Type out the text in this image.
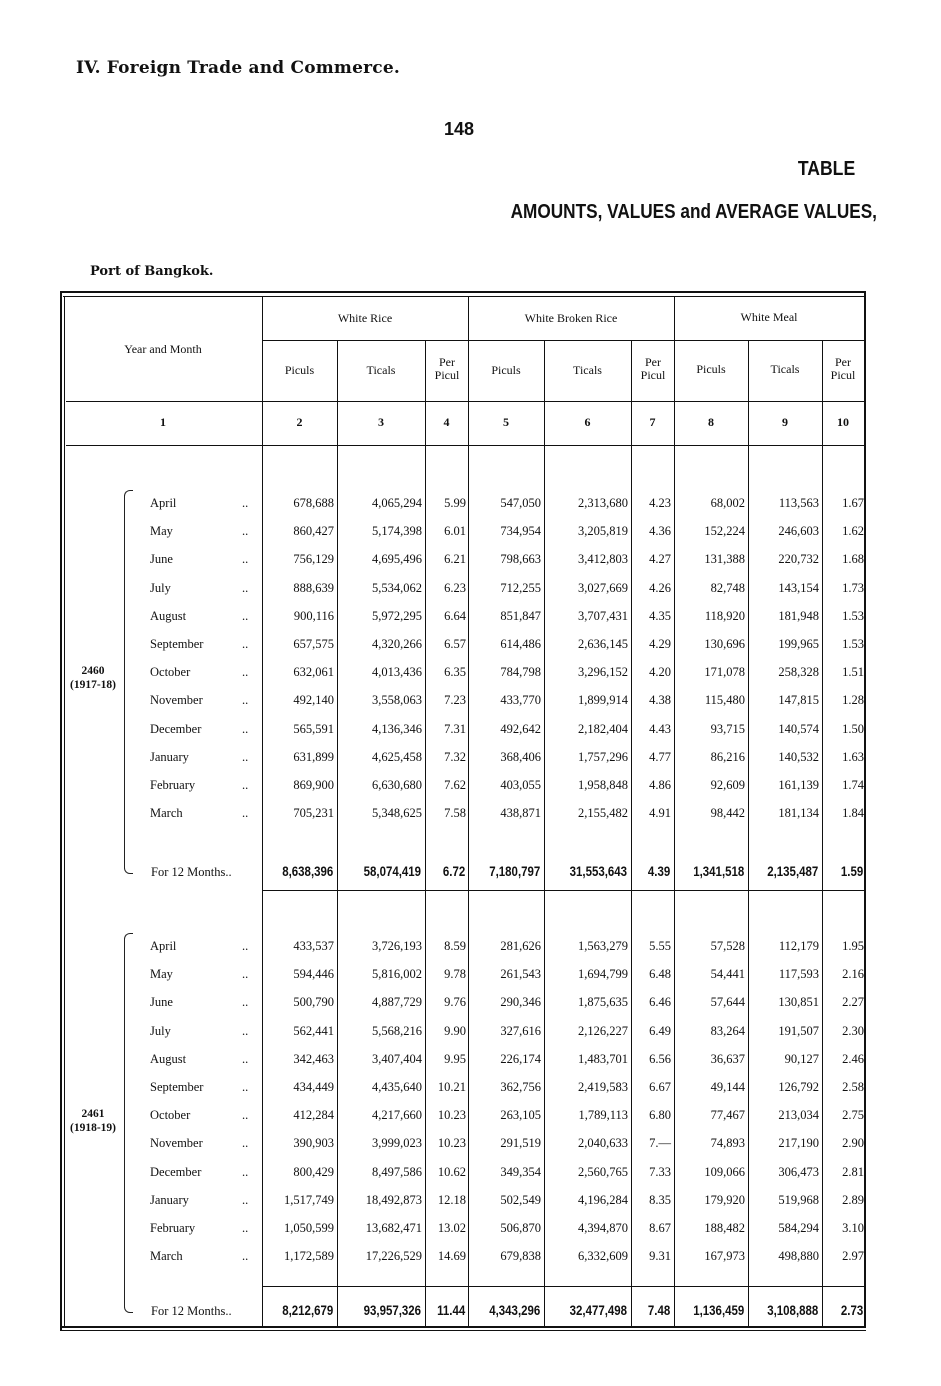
IV. Foreign Trade and Commerce.
148
TABLE
AMOUNTS, VALUES and AVERAGE VALUES,
Port of Bangkok.
Year and Month
White Rice	White Broken Rice	White Meal
Piculs	Ticals
Per Picul	Piculs	Ticals
Per Picul	Piculs	Ticals	Per Picul
1	2	3	4	5	6	7	8	9	10
2460
(1917-18)
2461
(1918-19)
April	..	678,688	4,065,294 5.99	547,050	2,313,680 4.23	68,002	113,563 1.67
May	..	860,427	5,174,398 6.01	734,954	3,205,819 4.36	152,224	246,603 1.62
June	..	756,129	4,695,496 6.21	798,663	3,412,803 4.27	131,388	220,732 1.68
July	..	888,639	5,534,062 6.23	712,255	3,027,669 4.26	82,748	143,154 1.73
August	..	900,116	5,972,295 6.64	851,847	3,707,431 4.35	118,920	181,948 1.53
September	..	657,575	4,320,266 6.57	614,486	2,636,145 4.29	130,696	199,965 1.53
October	..	632,061	4,013,436 6.35	784,798	3,296,152 4.20	171,078	258,328 1.51
November	..	492,140	3,558,063 7.23	433,770	1,899,914 4.38	115,480	147,815 1.28
December	..	565,591	4,136,346 7.31	492,642	2,182,404 4.43	93,715	140,574 1.50
January	..	631,899	4,625,458 7.32	368,406	1,757,296 4.77	86,216	140,532 1.63
February	..	869,900	6,630,680 7.62	403,055	1,958,848 4.86	92,609	161,139 1.74
March	..	705,231	5,348,625 7.58	438,871	2,155,482 4.91	98,442	181,134 1.84
For 12 Months..	8,638,396 58,074,419 6.72 7,180,797 31,553,643 4.39 1,341,518 2,135,487 1.59
April	..	433,537	3,726,193 8.59	281,626	1,563,279 5.55	57,528	112,179 1.95
May	..	594,446	5,816,002 9.78	261,543	1,694,799 6.48	54,441	117,593 2.16
June	..	500,790	4,887,729 9.76	290,346	1,875,635 6.46	57,644	130,851 2.27
July	..	562,441	5,568,216 9.90	327,616	2,126,227 6.49	83,264	191,507 2.30
August	..	342,463	3,407,404 9.95	226,174	1,483,701 6.56	36,637	90,127 2.46
September	..	434,449	4,435,640 10.21	362,756	2,419,583 6.67	49,144	126,792 2.58
October	..	412,284	4,217,660 10.23	263,105	1,789,113 6.80	77,467	213,034 2.75
November	..	390,903	3,999,023 10.23	291,519	2,040,633 7.—	74,893	217,190 2.90
December	..	800,429	8,497,586 10.62	349,354	2,560,765 7.33	109,066	306,473 2.81
January	..	1,517,749	18,492,873 12.18	502,549	4,196,284 8.35	179,920	519,968 2.89
February	..	1,050,599	13,682,471 13.02	506,870	4,394,870 8.67	188,482	584,294 3.10
March	..	1,172,589	17,226,529 14.69	679,838	6,332,609 9.31	167,973	498,880 2.97
For 12 Months..	8,212,679 93,957,326 11.44 4,343,296 32,477,498 7.48 1,136,459 3,108,888 2.73
